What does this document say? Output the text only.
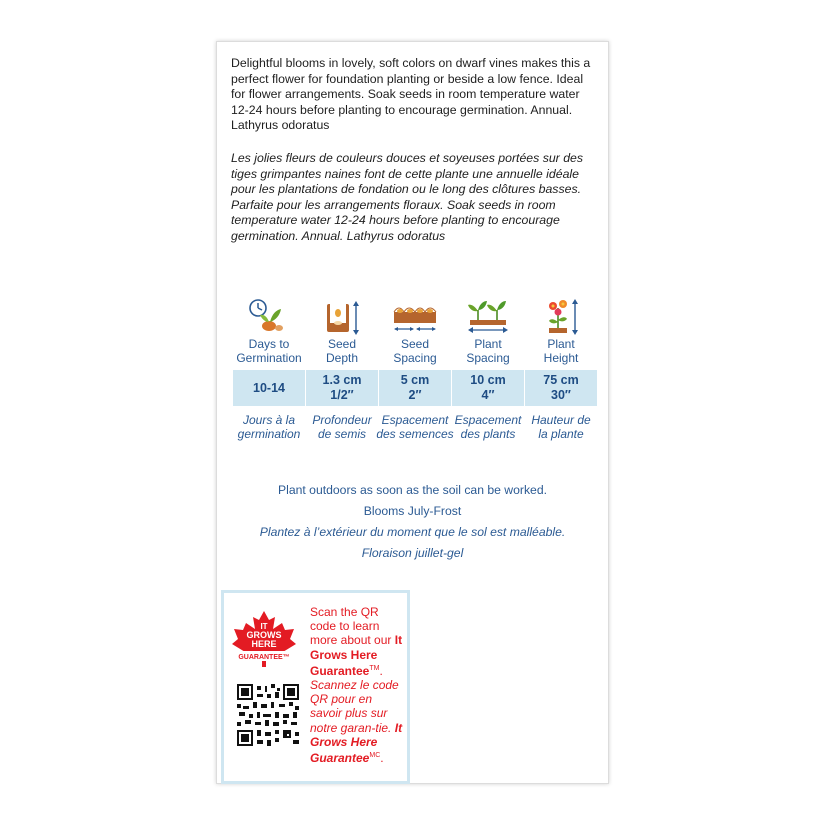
Delightful blooms in lovely, soft colors on dwarf vines makes this a perfect flower for foundation planting or beside a low fence. Ideal for flower arrangements. Soak seeds in room temperature water 12-24 hours before planting to encourage germination. Annual. Lathyrus odoratus
Les jolies fleurs de couleurs douces et soyeuses portées sur des tiges grimpantes naines font de cette plante une annuelle idéale pour les plantations de fondation ou le long des clôtures basses. Parfaite pour les arrangements floraux. Soak seeds in room temperature water 12-24 hours before planting to encourage germination. Annual. Lathyrus odoratus
Days to
Germination
10-14
Jours à la
germination
Seed
Depth
1.3 cm
1/2″
Profondeur
de semis
Seed
Spacing
5 cm
2″
Espacement
des semences
Plant
Spacing
10 cm
4″
Espacement
des plants
Plant
Height
75 cm
30″
Hauteur de
la plante
Plant outdoors as soon as the soil can be worked.
Blooms July-Frost
Plantez à l’extérieur du moment que le sol est malléable.
Floraison juillet-gel
IT
GROWS
HERE
GUARANTEE™
Scan the QR code to learn more about our It Grows Here Guarantee™. Scannez le code QR pour en savoir plus sur notre garan-tie. It Grows Here Guarantee$^{MC}$.
